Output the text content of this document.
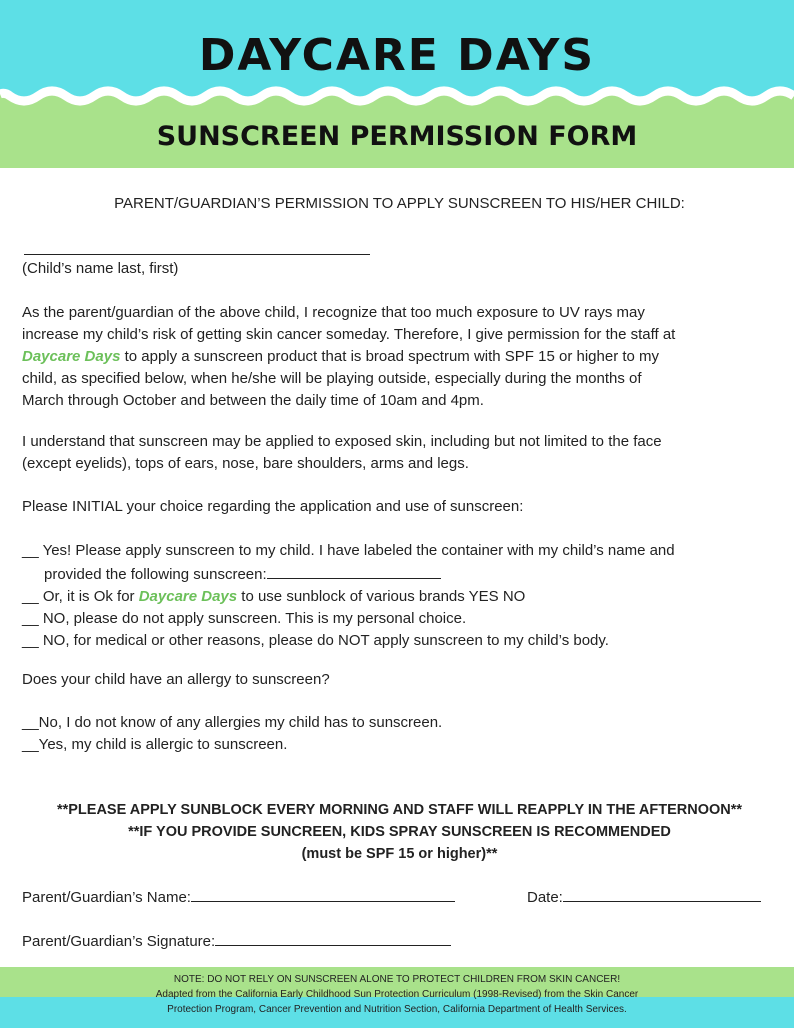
DAYCARE DAYS
SUNSCREEN PERMISSION FORM
PARENT/GUARDIAN’S PERMISSION TO APPLY SUNSCREEN TO HIS/HER CHILD:
(Child’s name last, first)
As the parent/guardian of the above child, I recognize that too much exposure to UV rays may
increase my child’s risk of getting skin cancer someday. Therefore, I give permission for the staff at
Daycare Days to apply a sunscreen product that is broad spectrum with SPF 15 or higher to my
child, as specified below, when he/she will be playing outside, especially during the months of
March through October and between the daily time of 10am and 4pm.
I understand that sunscreen may be applied to exposed skin, including but not limited to the face
(except eyelids), tops of ears, nose, bare shoulders, arms and legs.
Please INITIAL your choice regarding the application and use of sunscreen:
__ Yes! Please apply sunscreen to my child. I have labeled the container with my child’s name and
provided the following sunscreen:
__ Or, it is Ok for Daycare Days to use sunblock of various brands YES NO
__ NO, please do not apply sunscreen. This is my personal choice.
__ NO, for medical or other reasons, please do NOT apply sunscreen to my child’s body.
Does your child have an allergy to sunscreen?
__No, I do not know of any allergies my child has to sunscreen.
__Yes, my child is allergic to sunscreen.
**PLEASE APPLY SUNBLOCK EVERY MORNING AND STAFF WILL REAPPLY IN THE AFTERNOON**
**IF YOU PROVIDE SUNCREEN, KIDS SPRAY SUNSCREEN IS RECOMMENDED
(must be SPF 15 or higher)**
Parent/Guardian’s Name:	Date:
Parent/Guardian’s Signature:
NOTE: DO NOT RELY ON SUNSCREEN ALONE TO PROTECT CHILDREN FROM SKIN CANCER!
Adapted from the California Early Childhood Sun Protection Curriculum (1998-Revised) from the Skin Cancer
Protection Program, Cancer Prevention and Nutrition Section, California Department of Health Services.
